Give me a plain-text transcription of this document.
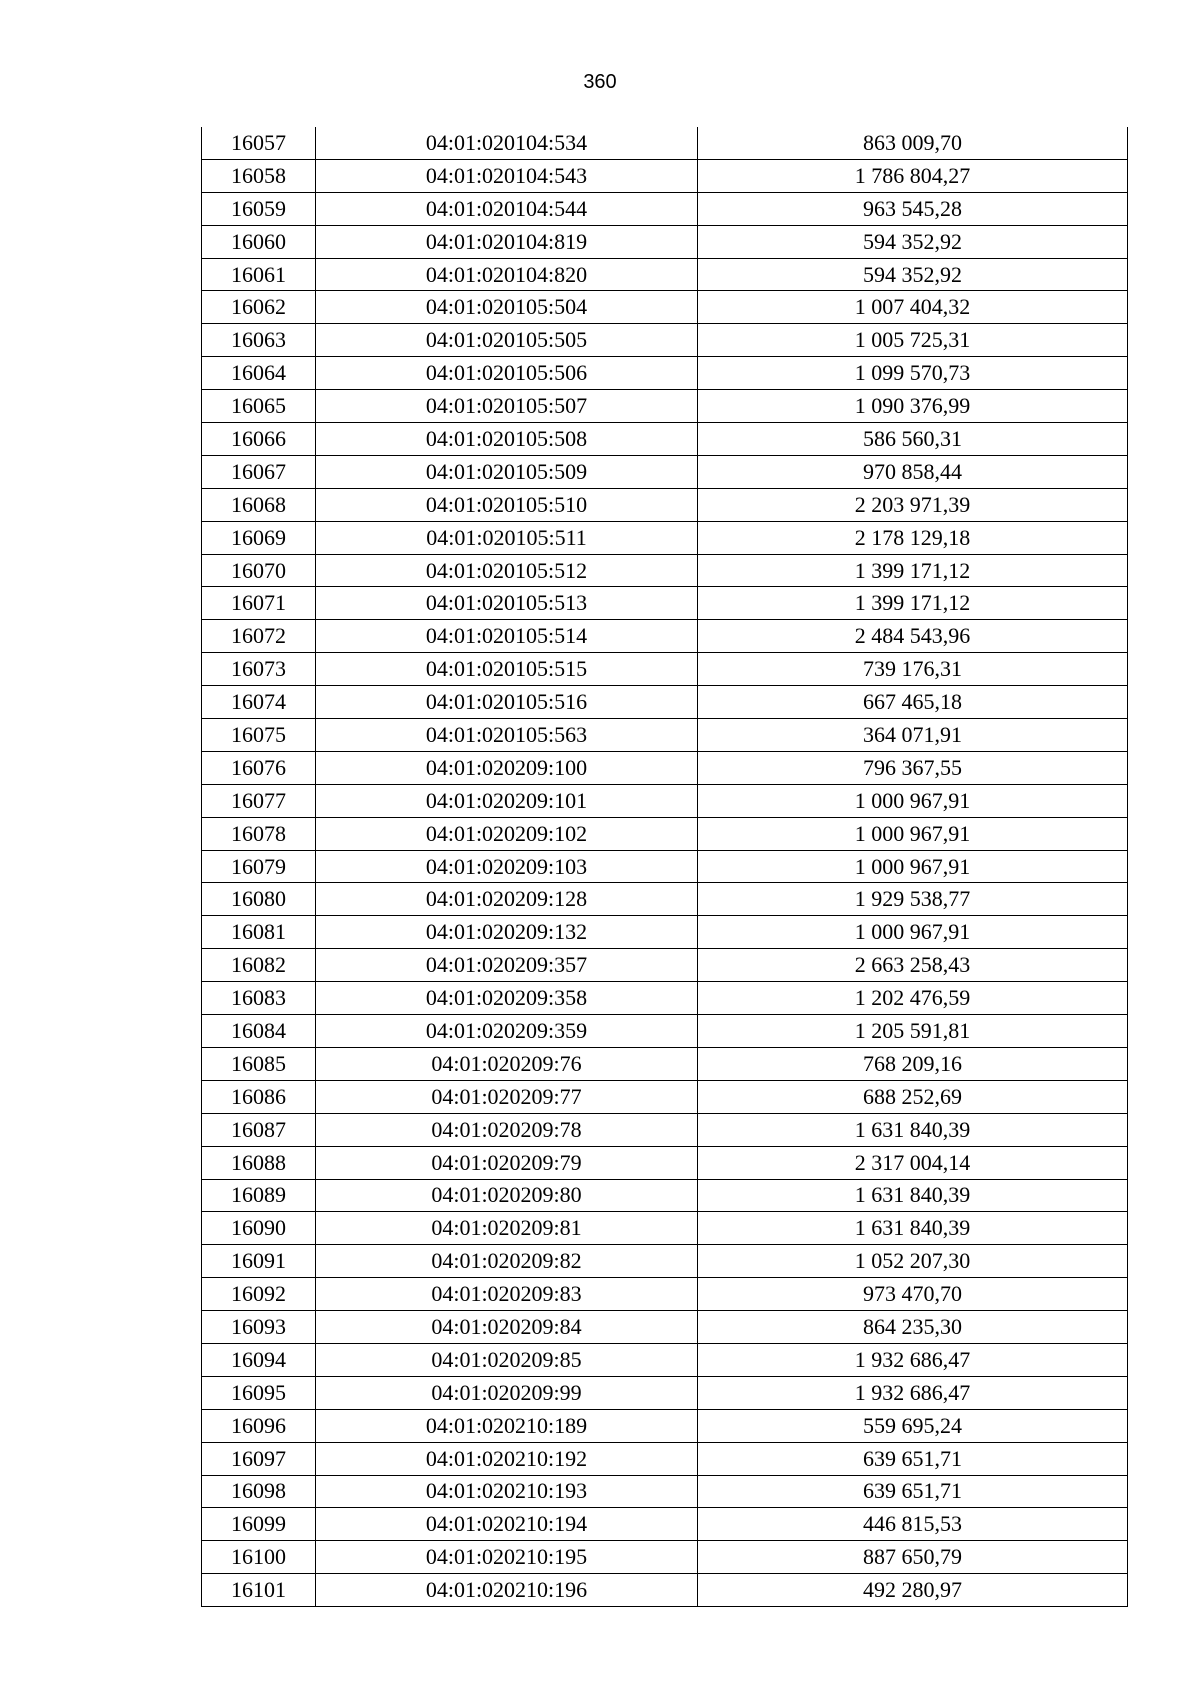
360
16057	04:01:020104:534	863 009,70
16058	04:01:020104:543	1 786 804,27
16059	04:01:020104:544	963 545,28
16060	04:01:020104:819	594 352,92
16061	04:01:020104:820	594 352,92
16062	04:01:020105:504	1 007 404,32
16063	04:01:020105:505	1 005 725,31
16064	04:01:020105:506	1 099 570,73
16065	04:01:020105:507	1 090 376,99
16066	04:01:020105:508	586 560,31
16067	04:01:020105:509	970 858,44
16068	04:01:020105:510	2 203 971,39
16069	04:01:020105:511	2 178 129,18
16070	04:01:020105:512	1 399 171,12
16071	04:01:020105:513	1 399 171,12
16072	04:01:020105:514	2 484 543,96
16073	04:01:020105:515	739 176,31
16074	04:01:020105:516	667 465,18
16075	04:01:020105:563	364 071,91
16076	04:01:020209:100	796 367,55
16077	04:01:020209:101	1 000 967,91
16078	04:01:020209:102	1 000 967,91
16079	04:01:020209:103	1 000 967,91
16080	04:01:020209:128	1 929 538,77
16081	04:01:020209:132	1 000 967,91
16082	04:01:020209:357	2 663 258,43
16083	04:01:020209:358	1 202 476,59
16084	04:01:020209:359	1 205 591,81
16085	04:01:020209:76	768 209,16
16086	04:01:020209:77	688 252,69
16087	04:01:020209:78	1 631 840,39
16088	04:01:020209:79	2 317 004,14
16089	04:01:020209:80	1 631 840,39
16090	04:01:020209:81	1 631 840,39
16091	04:01:020209:82	1 052 207,30
16092	04:01:020209:83	973 470,70
16093	04:01:020209:84	864 235,30
16094	04:01:020209:85	1 932 686,47
16095	04:01:020209:99	1 932 686,47
16096	04:01:020210:189	559 695,24
16097	04:01:020210:192	639 651,71
16098	04:01:020210:193	639 651,71
16099	04:01:020210:194	446 815,53
16100	04:01:020210:195	887 650,79
16101	04:01:020210:196	492 280,97
